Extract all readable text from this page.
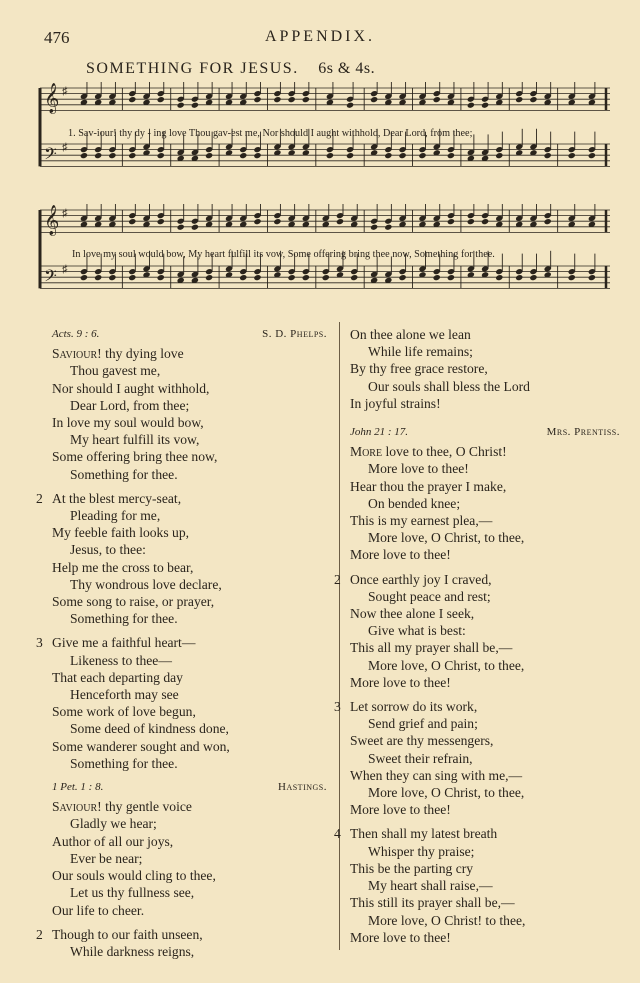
476	APPENDIX.
SOMETHING FOR JESUS. 6s & 4s.
𝄞 ♯
𝄢 ♯
1. Sav-iour! thy dy - ing love Thou gav-est me, Nor should I aught withhold, Dear Lord, from thee;
𝄞 ♯
𝄢 ♯
In love my soul would bow, My heart fulfill its vow, Some offering bring thee now, Something for thee.
Acts. 9 : 6.	S. D. Phelps.
Saviour! thy dying love
Thou gavest me,
Nor should I aught withhold,
Dear Lord, from thee;
In love my soul would bow,
My heart fulfill its vow,
Some offering bring thee now,
Something for thee.
2 At the blest mercy-seat,
Pleading for me,
My feeble faith looks up,
Jesus, to thee:
Help me the cross to bear,
Thy wondrous love declare,
Some song to raise, or prayer,
Something for thee.
3 Give me a faithful heart—
Likeness to thee—
That each departing day
Henceforth may see
Some work of love begun,
Some deed of kindness done,
Some wanderer sought and won,
Something for thee.
1 Pet. 1 : 8.	Hastings.
Saviour! thy gentle voice
Gladly we hear;
Author of all our joys,
Ever be near;
Our souls would cling to thee,
Let us thy fullness see,
Our life to cheer.
2 Though to our faith unseen,
While darkness reigns,
On thee alone we lean
While life remains;
By thy free grace restore,
Our souls shall bless the Lord
In joyful strains!
John 21 : 17.	Mrs. Prentiss.
More love to thee, O Christ!
More love to thee!
Hear thou the prayer I make,
On bended knee;
This is my earnest plea,—
More love, O Christ, to thee,
More love to thee!
2 Once earthly joy I craved,
Sought peace and rest;
Now thee alone I seek,
Give what is best:
This all my prayer shall be,—
More love, O Christ, to thee,
More love to thee!
3 Let sorrow do its work,
Send grief and pain;
Sweet are thy messengers,
Sweet their refrain,
When they can sing with me,—
More love, O Christ, to thee,
More love to thee!
4 Then shall my latest breath
Whisper thy praise;
This be the parting cry
My heart shall raise,—
This still its prayer shall be,—
More love, O Christ! to thee,
More love to thee!
